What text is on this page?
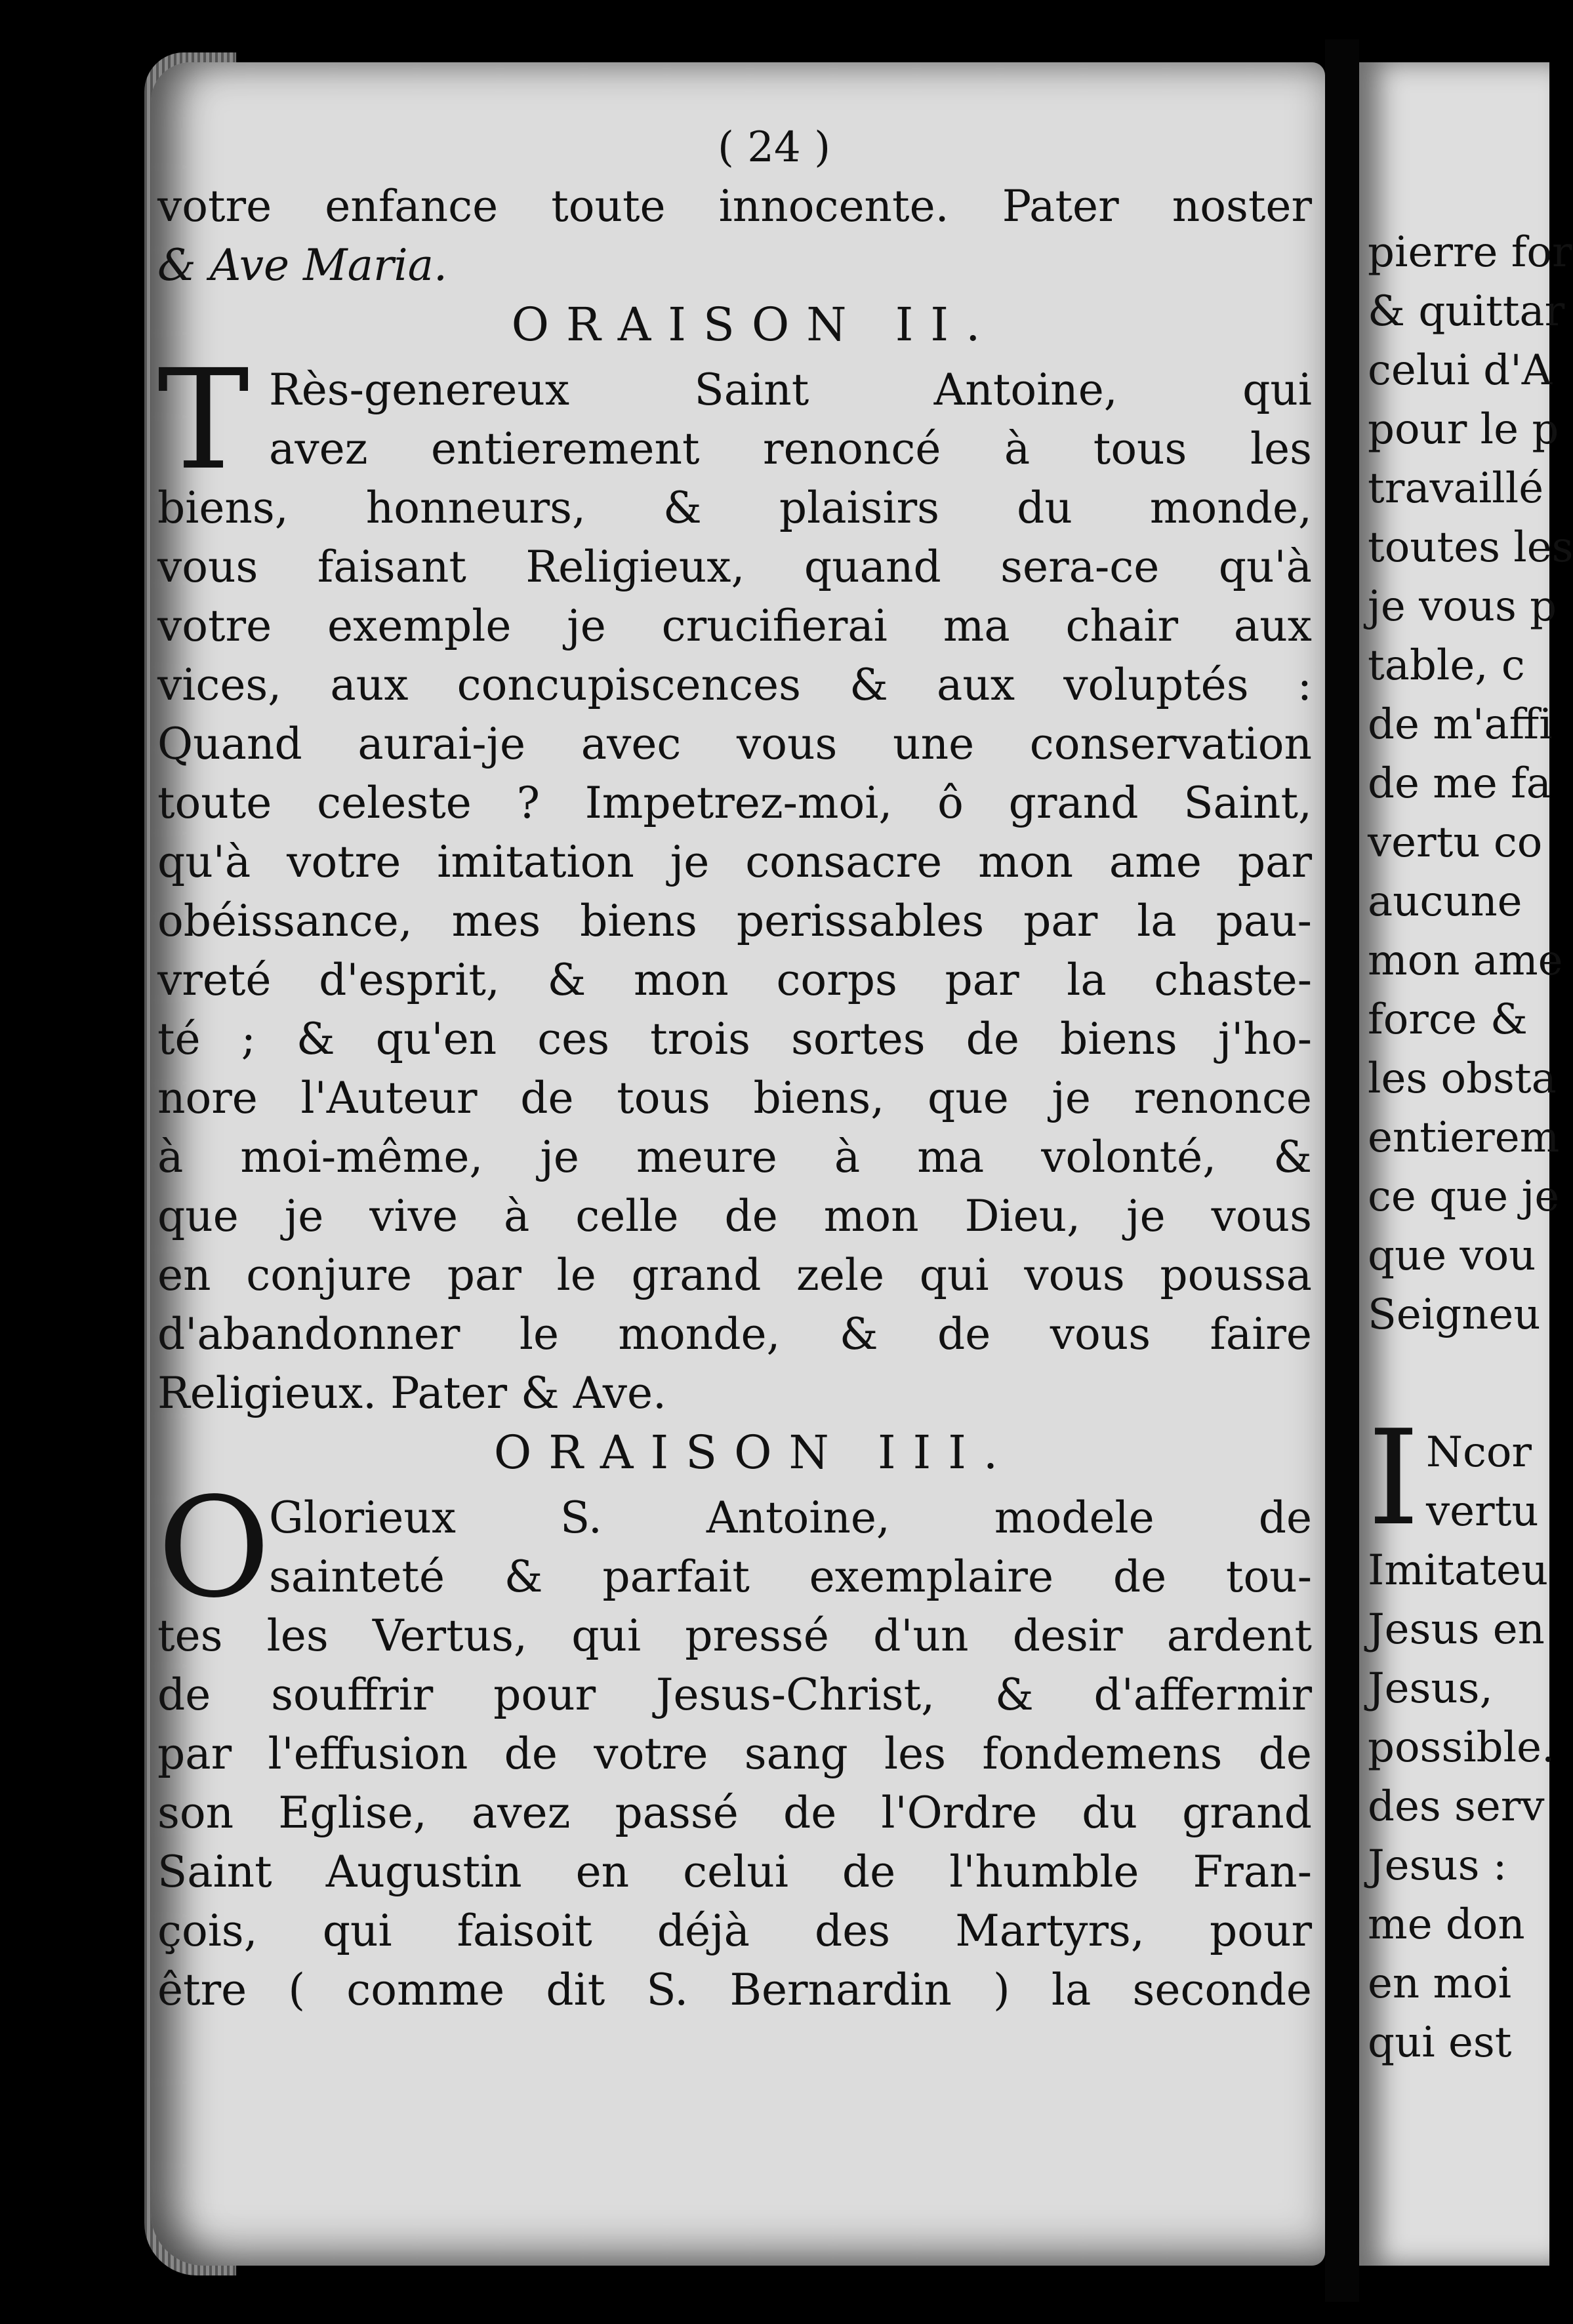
( 24 )
votre enfance toute innocente. Pater noster
& Ave Maria.
ORAISON II.
T Rès-genereux Saint Antoine, qui
avez entierement renoncé à tous les
biens, honneurs, & plaisirs du monde,
vous faisant Religieux, quand sera-ce qu'à
votre exemple je crucifierai ma chair aux
vices, aux concupiscences & aux voluptés :
Quand aurai-je avec vous une conservation
toute celeste ? Impetrez-moi, ô grand Saint,
qu'à votre imitation je consacre mon ame par
obéissance, mes biens perissables par la pau-
vreté d'esprit, & mon corps par la chaste-
té ; & qu'en ces trois sortes de biens j'ho-
nore l'Auteur de tous biens, que je renonce
à moi-même, je meure à ma volonté, &
que je vive à celle de mon Dieu, je vous
en conjure par le grand zele qui vous poussa
d'abandonner le monde, & de vous faire
Religieux. Pater & Ave.
ORAISON III.
O
Glorieux S. Antoine, modele de
sainteté & parfait exemplaire de tou-
tes les Vertus, qui pressé d'un desir ardent
de souffrir pour Jesus-Christ, & d'affermir
par l'effusion de votre sang les fondemens de
son Eglise, avez passé de l'Ordre du grand
Saint Augustin en celui de l'humble Fran-
çois, qui faisoit déjà des Martyrs, pour
être ( comme dit S. Bernardin ) la seconde
pierre for
& quittar
celui d'A
pour le p
travaillé
toutes les
je vous p
table, c
de m'affi
de me fa
vertu co
aucune
mon ame
force &
les obsta
entierem
ce que je
que vou
Seigneu
I Ncor
vertu
Imitateu
Jesus en
Jesus,
possible.
des serv
Jesus :
me don
en moi
qui est
